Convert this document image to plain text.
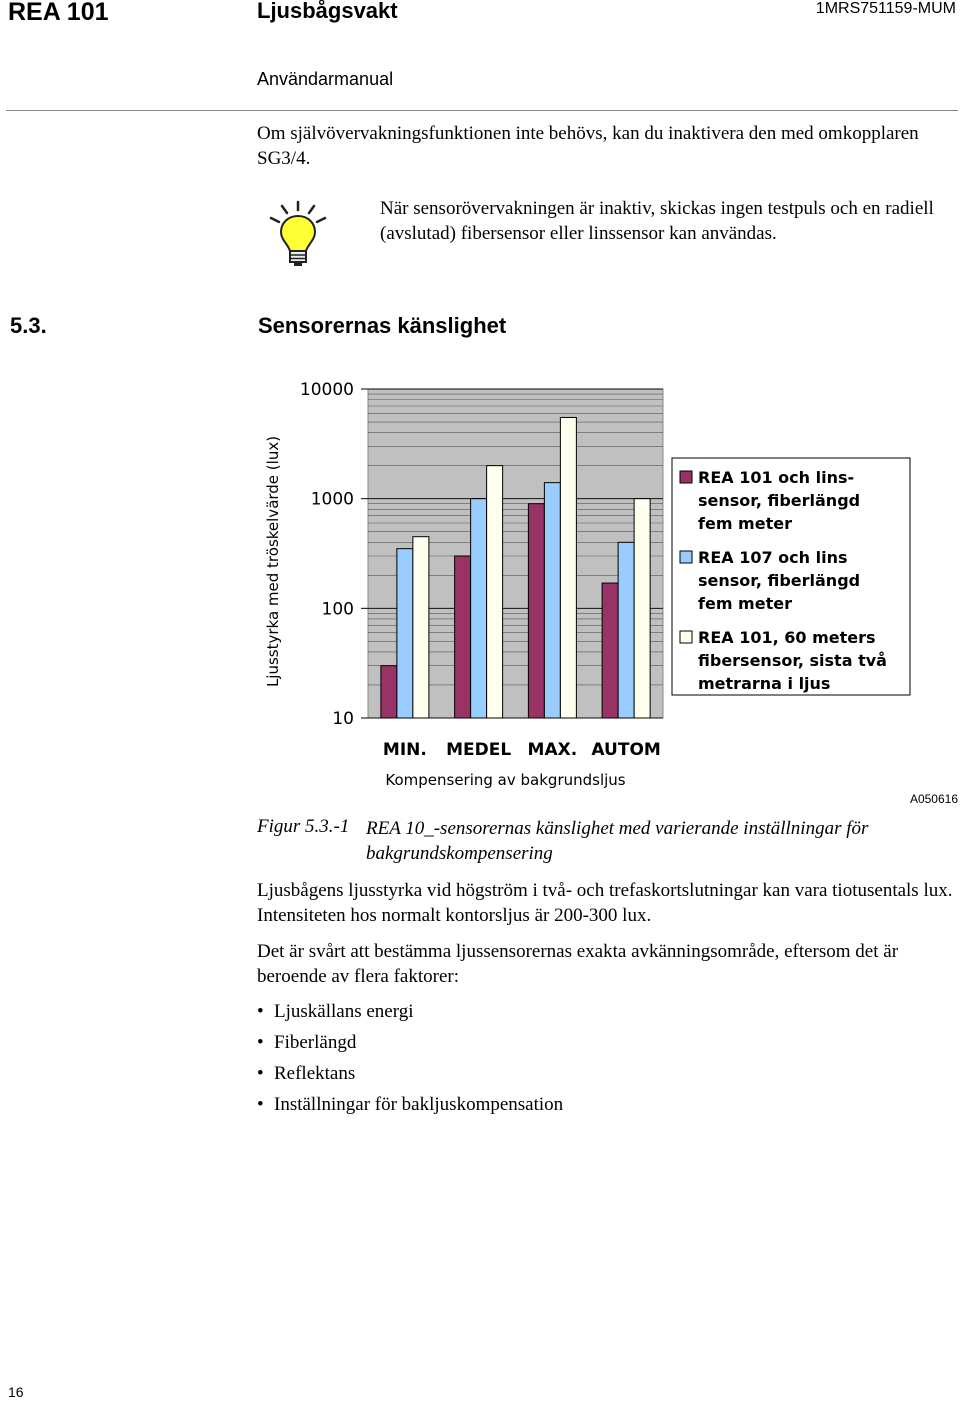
REA 101	Ljusbågsvakt	1MRS751159-MUM
Användarmanual
Om självövervakningsfunktionen inte behövs, kan du inaktivera den med omkopplaren SG3/4.
När sensorövervakningen är inaktiv, skickas ingen testpuls och en radiell (avslutad) fibersensor eller linssensor kan användas.
5.3.	Sensorernas känslighet
10
100
1000
10000
Ljusstyrka med tröskelvärde (lux)
MIN. MEDEL MAX. AUTOM
Kompensering av bakgrundsljus
REA 101 och lins-
sensor, fiberlängd
fem meter
REA 107 och lins
sensor, fiberlängd
fem meter
REA 101, 60 meters
fibersensor, sista två
metrarna i ljus
A050616
Figur 5.3.-1 REA 10_-sensorernas känslighet med varierande inställningar för bakgrundskompensering
Ljusbågens ljusstyrka vid högström i två- och trefaskortslutningar kan vara tiotusentals lux. Intensiteten hos normalt kontorsljus är 200-300 lux.
Det är svårt att bestämma ljussensorernas exakta avkänningsområde, eftersom det är beroende av flera faktorer:
• Ljuskällans energi
• Fiberlängd
• Reflektans
• Inställningar för bakljuskompensation
16
